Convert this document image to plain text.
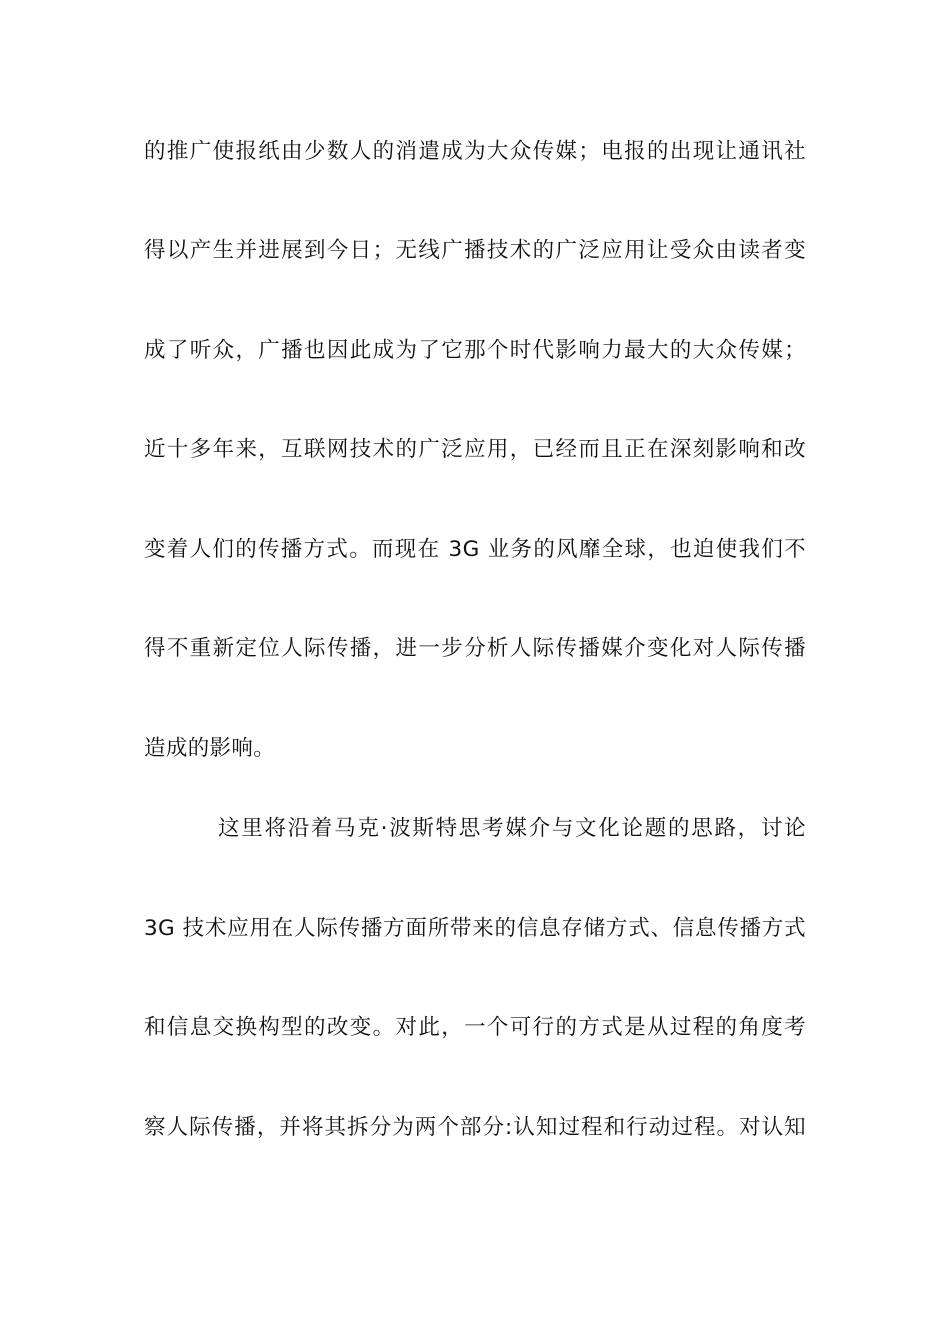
的推广使报纸由少数人的消遣成为大众传媒；电报的出现让通讯社
得以产生并进展到今日；无线广播技术的广泛应用让受众由读者变
成了听众，广播也因此成为了它那个时代影响力最大的大众传媒；
近十多年来，互联网技术的广泛应用，已经而且正在深刻影响和改
变着人们的传播方式。而现在 3G 业务的风靡全球，也迫使我们不
得不重新定位人际传播，进一步分析人际传播媒介变化对人际传播
造成的影响。
这里将沿着马克·波斯特思考媒介与文化论题的思路，讨论
3G 技术应用在人际传播方面所带来的信息存储方式、信息传播方式
和信息交换构型的改变。对此，一个可行的方式是从过程的角度考
察人际传播，并将其拆分为两个部分:认知过程和行动过程。对认知
